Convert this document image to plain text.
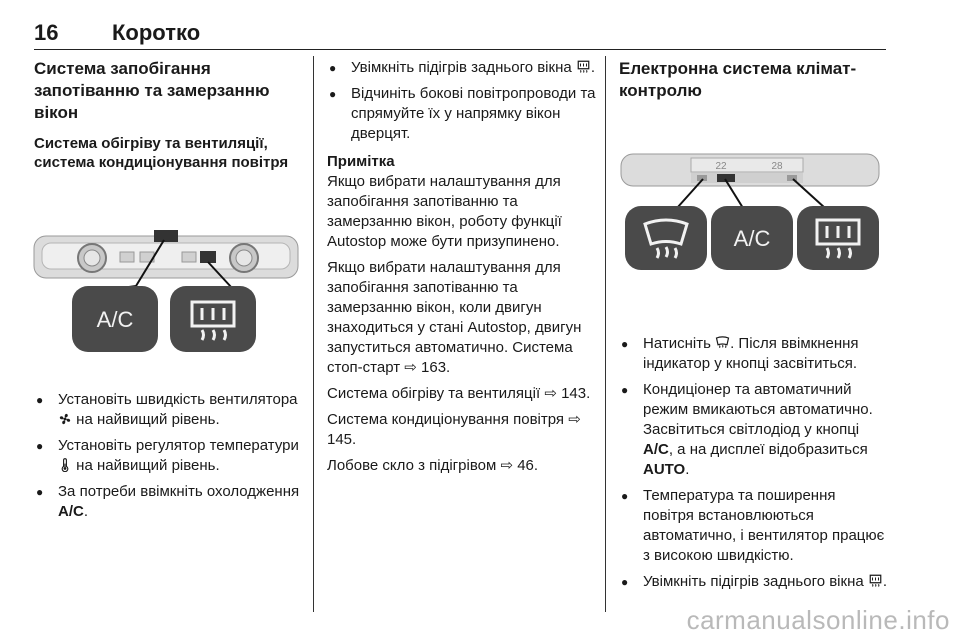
16 Коротко
Система запобігання запотіванню та замерзанню вікон
Система обігріву та вентиляції, система кондиціонування повітря
A/C
● Установіть швидкість вентилятора  на найвищий рівень.
● Установіть регулятор температури  на найвищий рівень.
● За потреби ввімкніть охолодження A/C.
● Увімкніть підігрів заднього вікна .
● Відчиніть бокові повітропроводи та спрямуйте їх у напрямку вікон дверцят.

Примітка

Якщо вибрати налаштування для запобігання запотіванню та замерзанню вікон, роботу функції Autostop може бути призупинено.

Якщо вибрати налаштування для запобігання запотіванню та замерзанню вікон, коли двигун знаходиться у стані Autostop, двигун запуститься автоматично. Система стоп-старт ⇨ 163.

Система обігріву та вентиляції ⇨ 143.

Система кондиціонування повітря ⇨ 145.

Лобове скло з підігрівом ⇨ 46.

Електронна система клімат-контролю
22	28
A/C
● Натисніть . Після ввімкнення індикатор у кнопці засвітиться.
● Кондиціонер та автоматичний режим вмикаються автоматично. Засвітиться світлодіод у кнопці A/C, а на дисплеї відобразиться AUTO.
● Температура та поширення повітря встановлюються автоматично, і вентилятор працює з високою швидкістю.
● Увімкніть підігрів заднього вікна .
carmanualsonline.info
